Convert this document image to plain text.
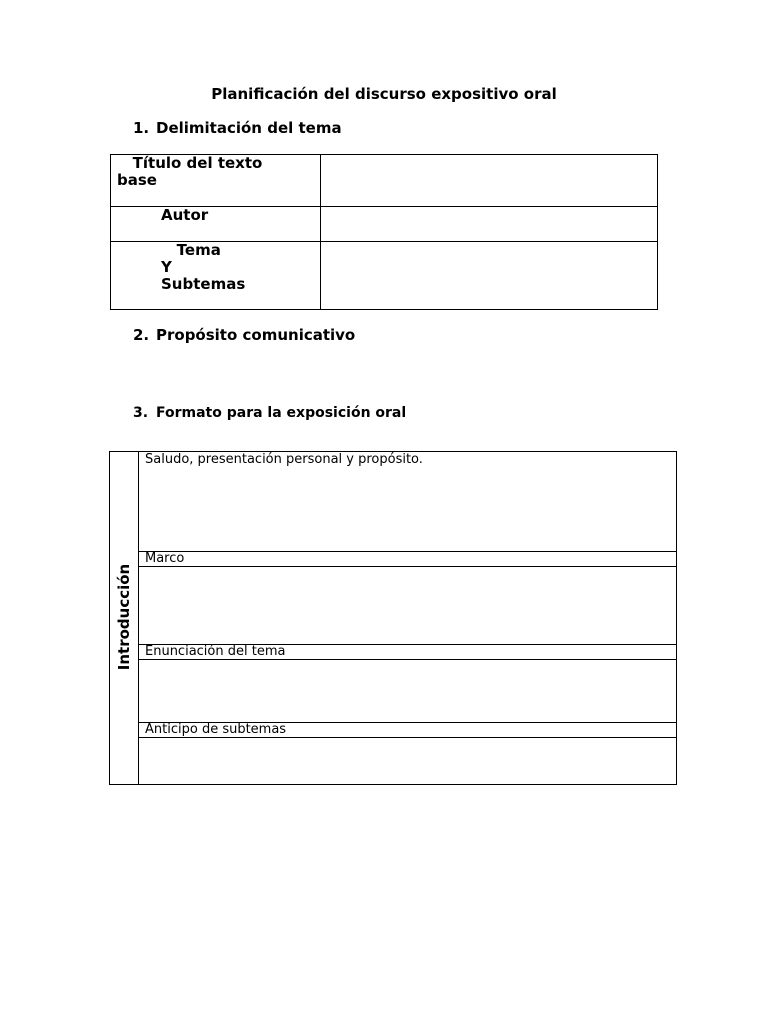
Planificación del discurso expositivo oral
1. Delimitación del tema
Título del texto
base
Autor
Tema
Y
Subtemas
2. Propósito comunicativo
3. Formato para la exposición oral
Introducción
Saludo, presentación personal y propósito.
Marco
Enunciación del tema
Anticipo de subtemas
